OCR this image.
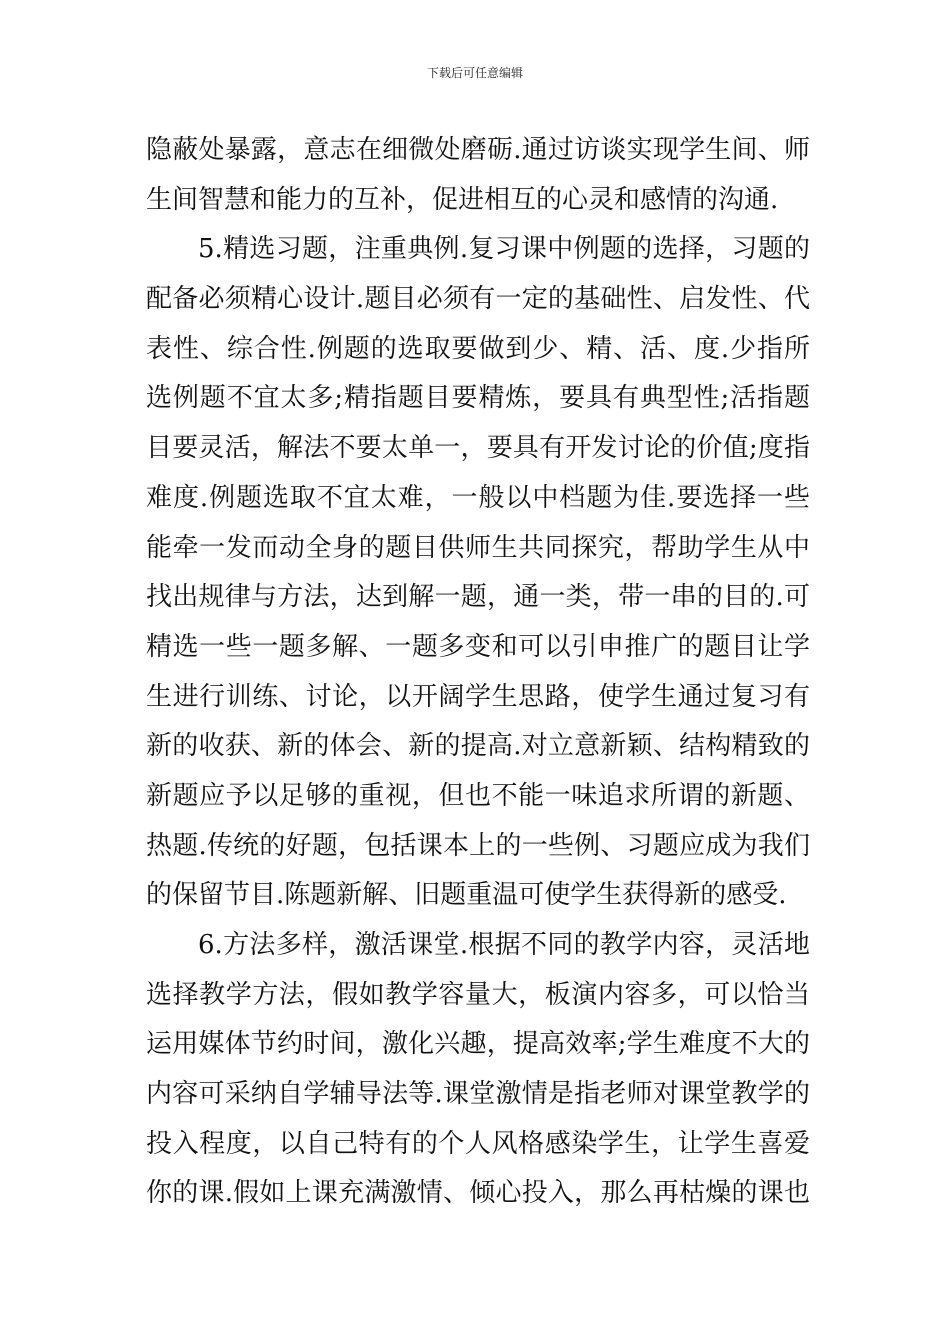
下载后可任意编辑
隐蔽处暴露，意志在细微处磨砺.通过访谈实现学生间、师
生间智慧和能力的互补，促进相互的心灵和感情的沟通.
5.精选习题，注重典例.复习课中例题的选择，习题的
配备必须精心设计.题目必须有一定的基础性、启发性、代
表性、综合性.例题的选取要做到少、精、活、度.少指所
选例题不宜太多;精指题目要精炼，要具有典型性;活指题
目要灵活，解法不要太单一，要具有开发讨论的价值;度指
难度.例题选取不宜太难，一般以中档题为佳.要选择一些
能牵一发而动全身的题目供师生共同探究，帮助学生从中
找出规律与方法，达到解一题，通一类，带一串的目的.可
精选一些一题多解、一题多变和可以引申推广的题目让学
生进行训练、讨论，以开阔学生思路，使学生通过复习有
新的收获、新的体会、新的提高.对立意新颖、结构精致的
新题应予以足够的重视，但也不能一味追求所谓的新题、
热题.传统的好题，包括课本上的一些例、习题应成为我们
的保留节目.陈题新解、旧题重温可使学生获得新的感受.
6.方法多样，激活课堂.根据不同的教学内容，灵活地
选择教学方法，假如教学容量大，板演内容多，可以恰当
运用媒体节约时间，激化兴趣，提高效率;学生难度不大的
内容可采纳自学辅导法等.课堂激情是指老师对课堂教学的
投入程度，以自己特有的个人风格感染学生，让学生喜爱
你的课.假如上课充满激情、倾心投入，那么再枯燥的课也
